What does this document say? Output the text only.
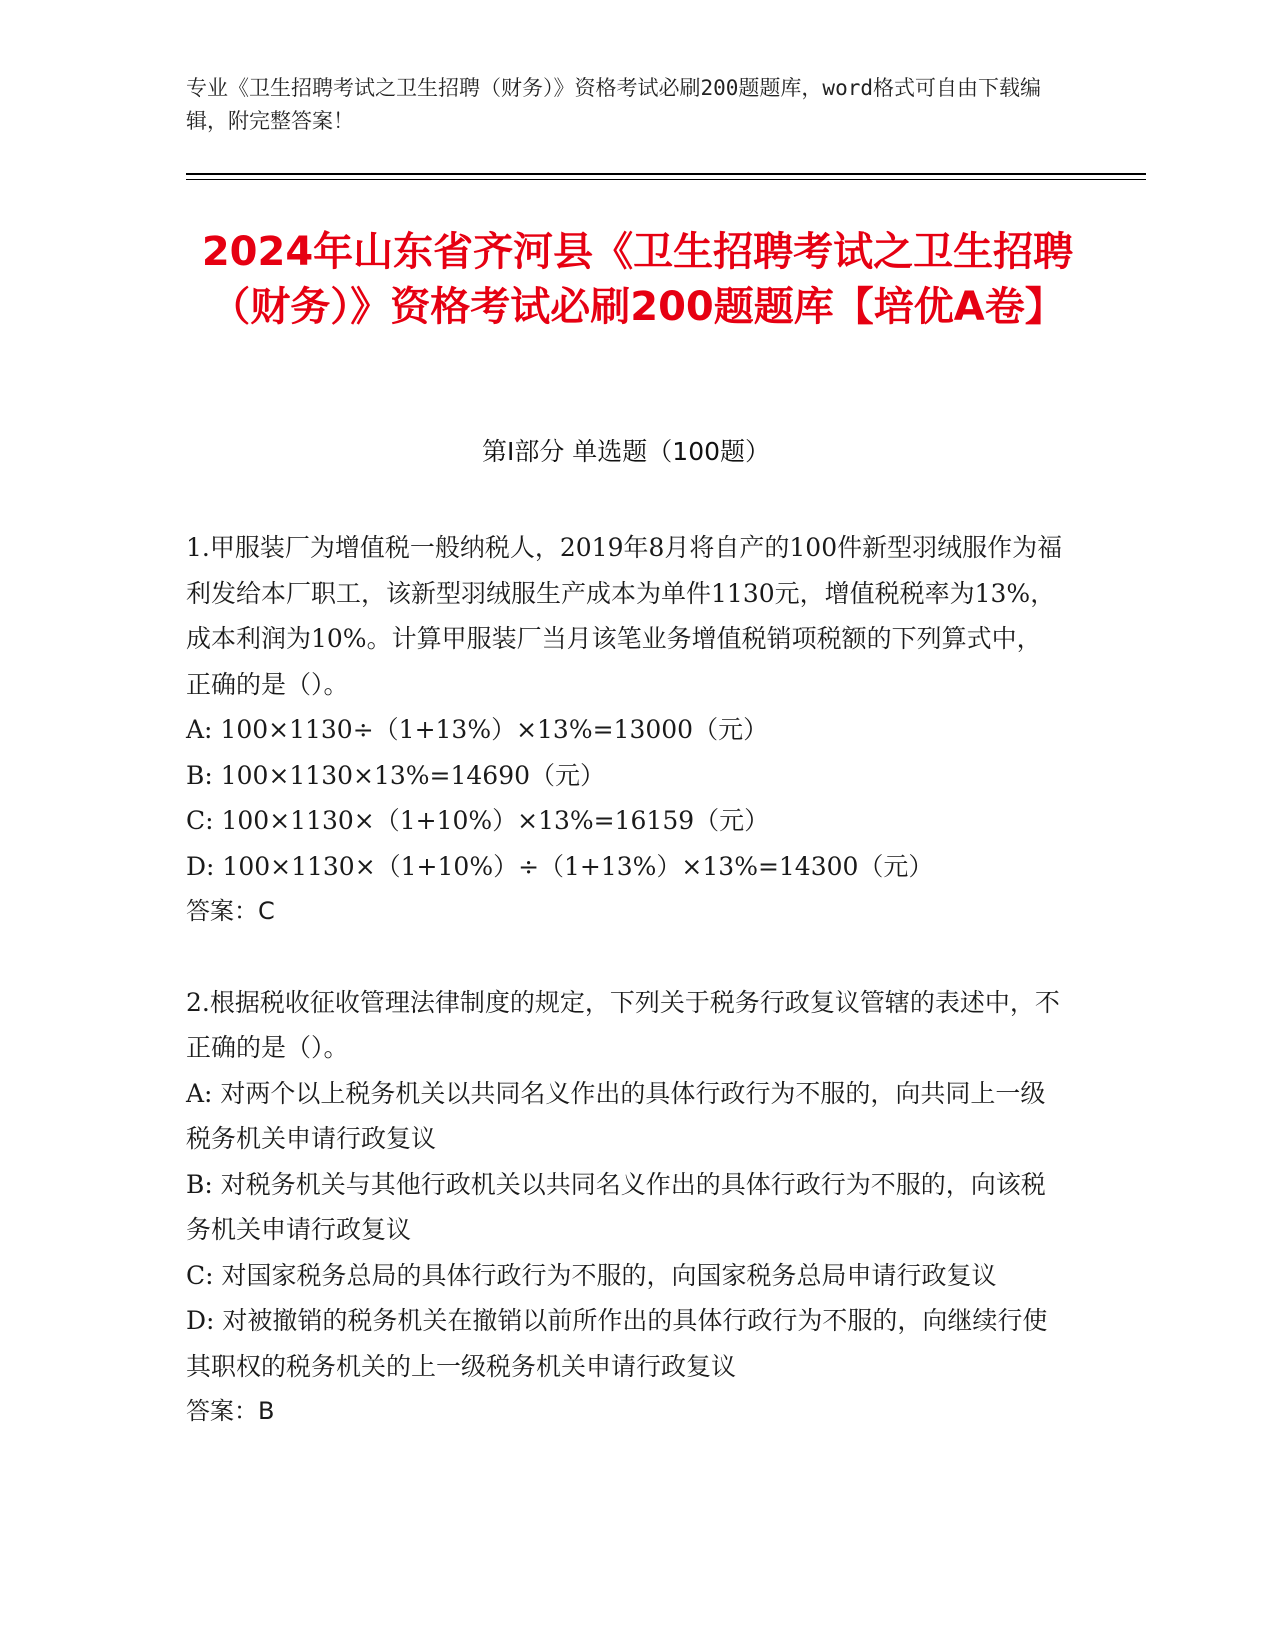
专业《卫生招聘考试之卫生招聘（财务）》资格考试必刷200题题库，word格式可自由下载编辑，附完整答案！
2024年山东省齐河县《卫生招聘考试之卫生招聘（财务）》资格考试必刷200题题库【培优A卷】
第Ⅰ部分 单选题（100题）

1.甲服装厂为增值税一般纳税人，2019年8月将自产的100件新型羽绒服作为福利发给本厂职工，该新型羽绒服生产成本为单件1130元，增值税税率为13%，成本利润为10%。计算甲服装厂当月该笔业务增值税销项税额的下列算式中，正确的是（）。

A: 100×1130÷（1+13%）×13%=13000（元）

B: 100×1130×13%=14690（元）

C: 100×1130×（1+10%）×13%=16159（元）

D: 100×1130×（1+10%）÷（1+13%）×13%=14300（元）

答案：C

2.根据税收征收管理法律制度的规定，下列关于税务行政复议管辖的表述中，不正确的是（）。

A: 对两个以上税务机关以共同名义作出的具体行政行为不服的，向共同上一级税务机关申请行政复议

B: 对税务机关与其他行政机关以共同名义作出的具体行政行为不服的，向该税务机关申请行政复议

C: 对国家税务总局的具体行政行为不服的，向国家税务总局申请行政复议

D: 对被撤销的税务机关在撤销以前所作出的具体行政行为不服的，向继续行使其职权的税务机关的上一级税务机关申请行政复议

答案：B
